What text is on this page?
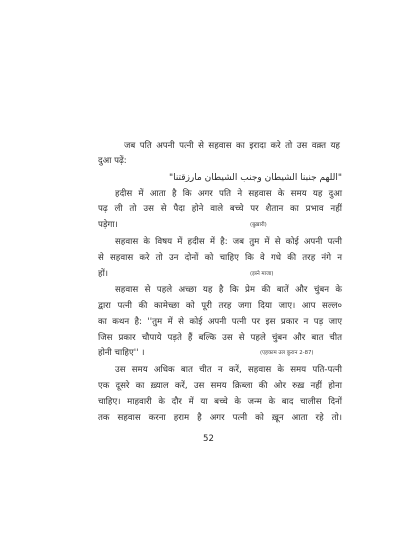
जब पति अपनी पत्नी से सहवास का इरादा करे तो उस वक़्त यह
दुआ पढ़ें:
"اللهم جنبنا الشيطان وجنب الشيطان مارزقتنا"
हदीस में आता है कि अगर पति ने सहवास के समय यह दुआ
पढ़ ली तो उस से पैदा होने वाले बच्चे पर शैतान का प्रभाव नहीं
पड़ेगा।	(बुख़ारी)
सहवास के विषय में हदीस में है: जब तुम में से कोई अपनी पत्नी
से सहवास करे तो उन दोनों को चाहिए कि वे गधे की तरह नंगे न
हों।	(इब्ने माजा)
सहवास से पहले अच्छा यह है कि प्रेम की बातें और चुंबन के
द्वारा पत्नी की कामेच्छा को पूरी तरह जगा दिया जाए। आप सल्ल०
का कथन है: ''तुम में से कोई अपनी पत्नी पर इस प्रकार न पड़ जाए
जिस प्रकार चौपाये पड़ते हैं बल्कि उस से पहले चुंबन और बात चीत
होनी चाहिए'' ।	(एहकाम उल कुरान 2-87)
उस समय अधिक बात चीत न करें, सहवास के समय पति-पत्नी
एक दूसरे का ख़्याल करें, उस समय क़िब्ला की ओर रुख़ नहीं होना
चाहिए। माहवारी के दौर में या बच्चे के जन्म के बाद चालीस दिनों
तक सहवास करना हराम है अगर पत्नी को ख़ून आता रहे तो।
52
